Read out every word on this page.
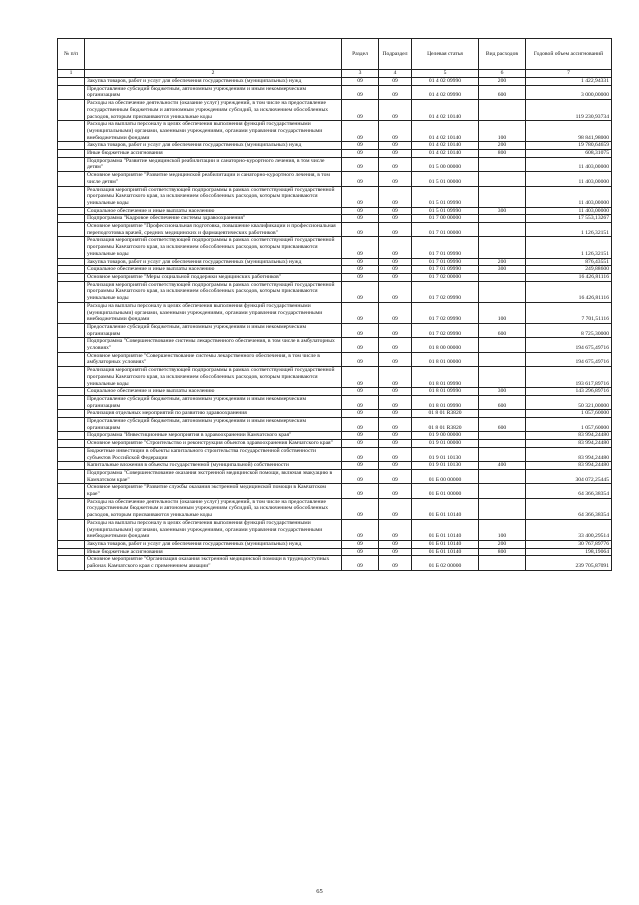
№ п/п		Раздел	Подраздел	Целевая статья	Вид расходов	Годовой объем ассигнований
1	2	3	4	5	6	7
	Закупка товаров, работ и услуг для обеспечения государственных (муниципальных) нужд	09	09	01 4 02 09990	200	1 422,94331
	Предоставление субсидий бюджетным, автономным учреждениям и иным некоммерческим организациям	09	09	01 4 02 09990	600	3 000,00000
	Расходы на обеспечение деятельности (оказание услуг) учреждений, в том числе на предоставление государственным бюджетным и автономным учреждениям субсидий, за исключением обособленных расходов, которым присваиваются уникальные коды	09	09	01 4 02 10140		119 230,93734
	Расходы на выплаты персоналу в целях обеспечения выполнения функций государственными (муниципальными) органами, казенными учреждениями, органами управления государственными внебюджетными фондами	09	09	01 4 02 10140	100	98 841,98000
	Закупка товаров, работ и услуг для обеспечения государственных (муниципальных) нужд	09	09	01 4 02 10140	200	19 780,64659
	Иные бюджетные ассигнования	09	09	01 4 02 10140	800	608,31075
	Подпрограмма "Развитие медицинской реабилитации и санаторно-курортного лечения, в том числе детям"	09	09	01 5 00 00000		11 403,00000
	Основное мероприятие "Развитие медицинской реабилитации и санаторно-курортного лечения, в том числе детям"	09	09	01 5 01 00000		11 403,00000
	Реализация мероприятий соответствующей подпрограммы в рамках соответствующей государственной программы Камчатского края, за исключением обособленных расходов, которым присваиваются уникальные коды	09	09	01 5 01 09990		11 403,00000
	Социальное обеспечение и иные выплаты населению	09	09	01 5 01 09990	300	11 403,00000
	Подпрограмма "Кадровое обеспечение системы здравоохранения"	09	09	01 7 00 00000		17 553,13267
	Основное мероприятие "Профессиональная подготовка, повышение квалификации и профессиональная переподготовка врачей, средних медицинских и фармацевтических работников"	09	09	01 7 01 00000		1 126,32151
	Реализация мероприятий соответствующей подпрограммы в рамках соответствующей государственной программы Камчатского края, за исключением обособленных расходов, которым присваиваются уникальные коды	09	09	01 7 01 09990		1 126,32151
	Закупка товаров, работ и услуг для обеспечения государственных (муниципальных) нужд	09	09	01 7 01 09990	200	876,43551
	Социальное обеспечение и иные выплаты населению	09	09	01 7 01 09990	300	249,88600
	Основное мероприятие "Меры социальной поддержки медицинских работников"	09	09	01 7 02 00000		16 426,81116
	Реализация мероприятий соответствующей подпрограммы в рамках соответствующей государственной программы Камчатского края, за исключением обособленных расходов, которым присваиваются уникальные коды	09	09	01 7 02 09990		16 426,81116
	Расходы на выплаты персоналу в целях обеспечения выполнения функций государственными (муниципальными) органами, казенными учреждениями, органами управления государственными внебюджетными фондами	09	09	01 7 02 09990	100	7 701,51116
	Предоставление субсидий бюджетным, автономным учреждениям и иным некоммерческим организациям	09	09	01 7 02 09990	600	8 725,30000
	Подпрограмма "Совершенствование системы лекарственного обеспечения, в том числе в амбулаторных условиях"	09	09	01 8 00 00000		194 675,49716
	Основное мероприятие "Совершенствование системы лекарственного обеспечения, в том числе в амбулаторных условиях"	09	09	01 8 01 00000		194 675,49716
	Реализация мероприятий соответствующей подпрограммы в рамках соответствующей государственной программы Камчатского края, за исключением обособленных расходов, которым присваиваются уникальные коды	09	09	01 8 01 09990		193 617,89716
	Социальное обеспечение и иные выплаты населению	09	09	01 8 01 09990	300	143 296,89716
	Предоставление субсидий бюджетным, автономным учреждениям и иным некоммерческим организациям	09	09	01 8 01 09990	600	50 321,00000
	Реализация отдельных мероприятий по развитию здравоохранения	09	09	01 8 01 R3820		1 057,60000
	Предоставление субсидий бюджетным, автономным учреждениям и иным некоммерческим организациям	09	09	01 8 01 R3820	600	1 057,60000
	Подпрограмма "Инвестиционные мероприятия в здравоохранении Камчатского края"	09	09	01 9 00 00000		83 994,24480
	Основное мероприятие "Строительство и реконструкция объектов здравоохранения Камчатского края"	09	09	01 9 01 00000		83 994,24480
	Бюджетные инвестиции в объекты капитального строительства государственной собственности субъектов Российской Федерации	09	09	01 9 01 10130		83 994,24480
	Капитальные вложения в объекты государственной (муниципальной) собственности	09	09	01 9 01 10130	400	83 994,24480
	Подпрограмма "Совершенствование оказания экстренной медицинской помощи, включая эвакуацию в Камчатском крае"	09	09	01 Б 00 00000		304 072,25445
	Основное мероприятие "Развитие службы оказания экстренной медицинской помощи в Камчатском крае"	09	09	01 Б 01 00000		64 366,38354
	Расходы на обеспечение деятельности (оказание услуг) учреждений, в том числе на предоставление государственным бюджетным и автономным учреждениям субсидий, за исключением обособленных расходов, которым присваиваются уникальные коды	09	09	01 Б 01 10140		64 366,38354
	Расходы на выплаты персоналу в целях обеспечения выполнения функций государственными (муниципальными) органами, казенными учреждениями, органами управления государственными внебюджетными фондами	09	09	01 Б 01 10140	100	33 400,29514
	Закупка товаров, работ и услуг для обеспечения государственных (муниципальных) нужд	09	09	01 Б 01 10140	200	30 767,89776
	Иные бюджетные ассигнования	09	09	01 Б 01 10140	800	198,19064
	Основное мероприятие "Организация оказания экстренной медицинской помощи в труднодоступных районах Камчатского края с применением авиации"	09	09	01 Б 02 00000		239 705,87091
65
